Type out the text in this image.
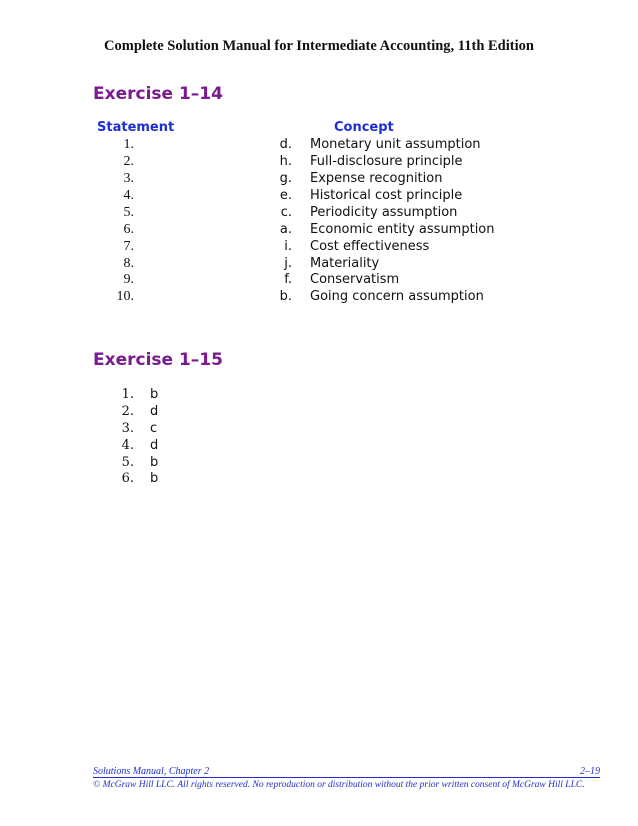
Complete Solution Manual for Intermediate Accounting, 11th Edition
Exercise 1–14
Statement	Concept
1.	d. Monetary unit assumption
2.	h. Full-disclosure principle
3.	g. Expense recognition
4.	e. Historical cost principle
5.	c. Periodicity assumption
6.	a. Economic entity assumption
7.	i. Cost effectiveness
8.	j. Materiality
9.	f. Conservatism
10.	b. Going concern assumption
Exercise 1–15
1. b
2. d
3. c
4. d
5. b
6. b
Solutions Manual, Chapter 2	2–19
© McGraw Hill LLC. All rights reserved. No reproduction or distribution without the prior written consent of McGraw Hill LLC.
